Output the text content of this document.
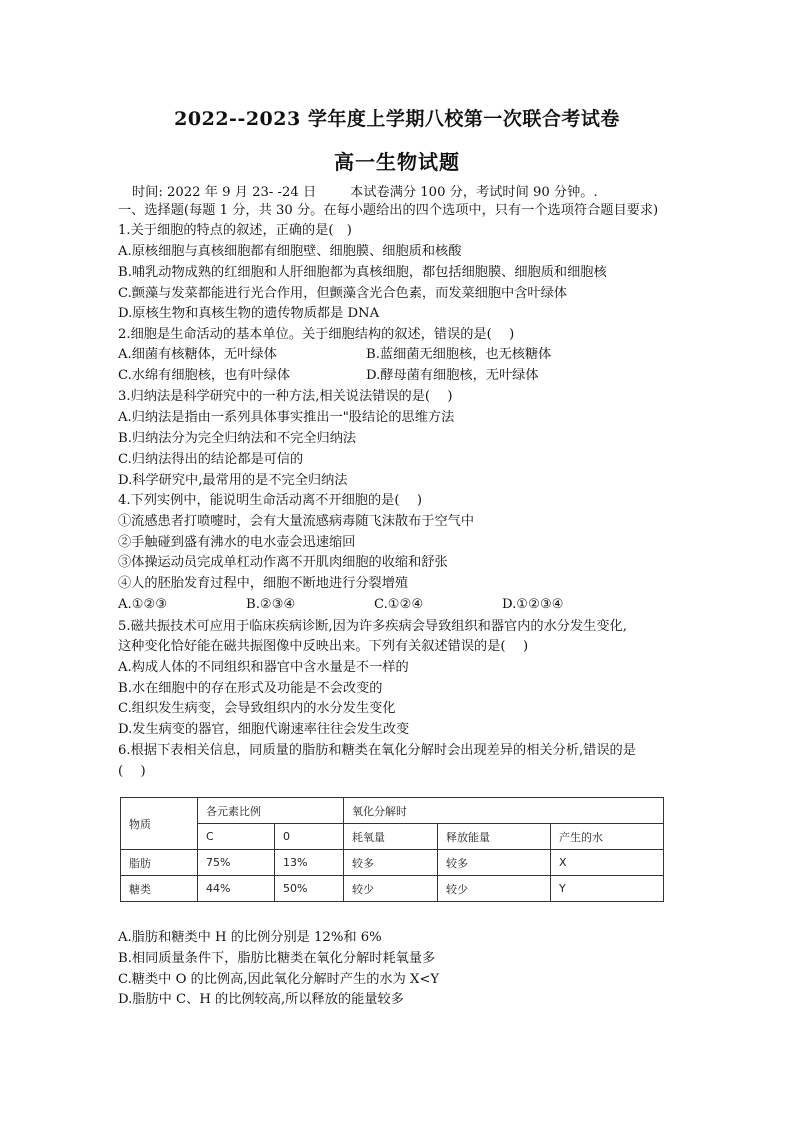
2022--2023 学年度上学期八校第一次联合考试卷
高一生物试题
时间: 2022 年 9 月 23- -24 日	本试卷满分 100 分，考试时间 90 分钟。.
一、选择题(每题 1 分，共 30 分。在每小题给出的四个选项中，只有一个选项符合题目要求)
1.关于细胞的特点的叙述，正确的是(　)
A.原核细胞与真核细胞都有细胞壁、细胞膜、细胞质和核酸
B.哺乳动物成熟的红细胞和人肝细胞都为真核细胞，都包括细胞膜、细胞质和细胞核
C.颤藻与发菜都能进行光合作用，但颤藻含光合色素，而发菜细胞中含叶绿体
D.原核生物和真核生物的遗传物质都是 DNA
2.细胞是生命活动的基本单位。关于细胞结构的叙述，错误的是(　 )
A.细菌有核糖体，无叶绿体	B.蓝细菌无细胞核，也无核糖体
C.水绵有细胞核，也有叶绿体	D.酵母菌有细胞核，无叶绿体
3.归纳法是科学研究中的一种方法,相关说法错误的是(　 )
A.归纳法是指由一系列具体事实推出一"股结论的思维方法
B.归纳法分为完全归纳法和不完全归纳法
C.归纳法得出的结论都是可信的
D.科学研究中,最常用的是不完全归纳法
4.下列实例中，能说明生命活动离不开细胞的是(　 )
①流感患者打喷嚏时，会有大量流感病毒随飞沫散布于空气中
②手触碰到盛有沸水的电水壶会迅速缩回
③体操运动员完成单杠动作离不开肌肉细胞的收缩和舒张
④人的胚胎发育过程中，细胞不断地进行分裂增殖
A.①②③	B.②③④	C.①②④	D.①②③④
5.磁共振技术可应用于临床疾病诊断,因为许多疾病会导致组织和器官内的水分发生变化,
这种变化恰好能在磁共振图像中反映出来。下列有关叙述错误的是(　 )
A.构成人体的不同组织和器官中含水量是不一样的
B.水在细胞中的存在形式及功能是不会改变的
C.组织发生病变，会导致组织内的水分发生变化
D.发生病变的器官，细胞代谢速率往往会发生改变
6.根据下表相关信息，同质量的脂肪和糖类在氧化分解时会出现差异的相关分析,错误的是
(　 )
物质	各元素比例		氧化分解时		
	C	0	耗氧量	释放能量	产生的水
脂肪	75%	13%	较多	较多	X
糖类	44%	50%	较少	较少	Y
A.脂肪和糖类中 H 的比例分别是 12%和 6%
B.相同质量条件下，脂肪比糖类在氧化分解时耗氧量多
C.糖类中 O 的比例高,因此氧化分解时产生的水为 X<Y
D.脂肪中 C、H 的比例较高,所以释放的能量较多
